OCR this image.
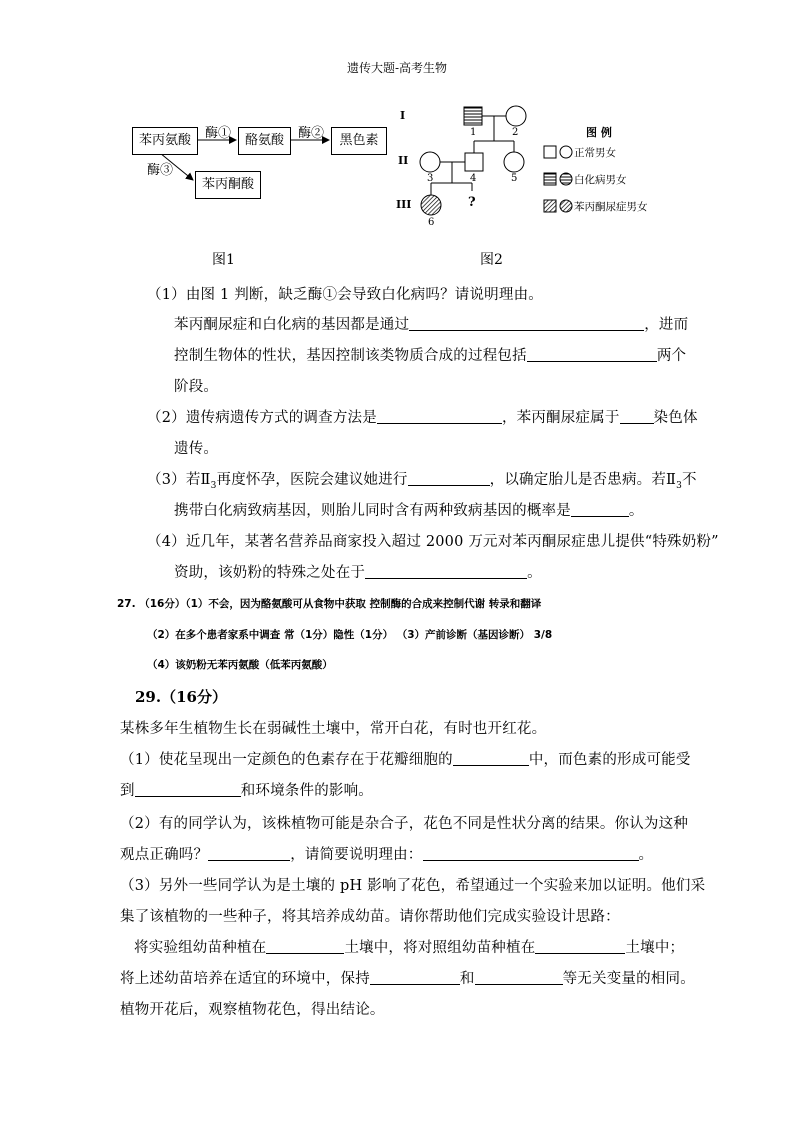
遗传大题-高考生物
苯丙氨酸	酪氨酸	黑色素
苯丙酮酸
酶①	酶②
酶③
图1
I
II
III
1	2
3	4	5
6
?
图 例
正常男女
白化病男女
苯丙酮尿症男女
图2
（1）由图 1 判断，缺乏酶①会导致白化病吗？请说明理由。
苯丙酮尿症和白化病的基因都是通过	，进而
控制生物体的性状，基因控制该类物质合成的过程包括	两个
阶段。
（2）遗传病遗传方式的调查方法是	，苯丙酮尿症属于 染色体
遗传。
（3）若$Ⅱ_3$再度怀孕，医院会建议她进行	，以确定胎儿是否患病。若$Ⅱ_3$不
携带白化病致病基因，则胎儿同时含有两种致病基因的概率是	。
（4）近几年，某著名营养品商家投入超过 2000 万元对苯丙酮尿症患儿提供“特殊奶粉”
资助，该奶粉的特殊之处在于	。
27. （16分）（1）不会，因为酪氨酸可从食物中获取 控制酶的合成来控制代谢 转录和翻译
（2）在多个患者家系中调查 常（1分）隐性（1分） （3）产前诊断（基因诊断） 3/8
（4）该奶粉无苯丙氨酸（低苯丙氨酸）
29.（16分）
某株多年生植物生长在弱碱性土壤中，常开白花，有时也开红花。
（1）使花呈现出一定颜色的色素存在于花瓣细胞的	中，而色素的形成可能受
到	和环境条件的影响。
（2）有的同学认为，该株植物可能是杂合子，花色不同是性状分离的结果。你认为这种
观点正确吗？	，请简要说明理由：	。
（3）另外一些同学认为是土壤的 pH 影响了花色，希望通过一个实验来加以证明。他们采
集了该植物的一些种子，将其培养成幼苗。请你帮助他们完成实验设计思路：
将实验组幼苗种植在	土壤中，将对照组幼苗种植在	土壤中；
将上述幼苗培养在适宜的环境中，保持	和	等无关变量的相同。
植物开花后，观察植物花色，得出结论。
